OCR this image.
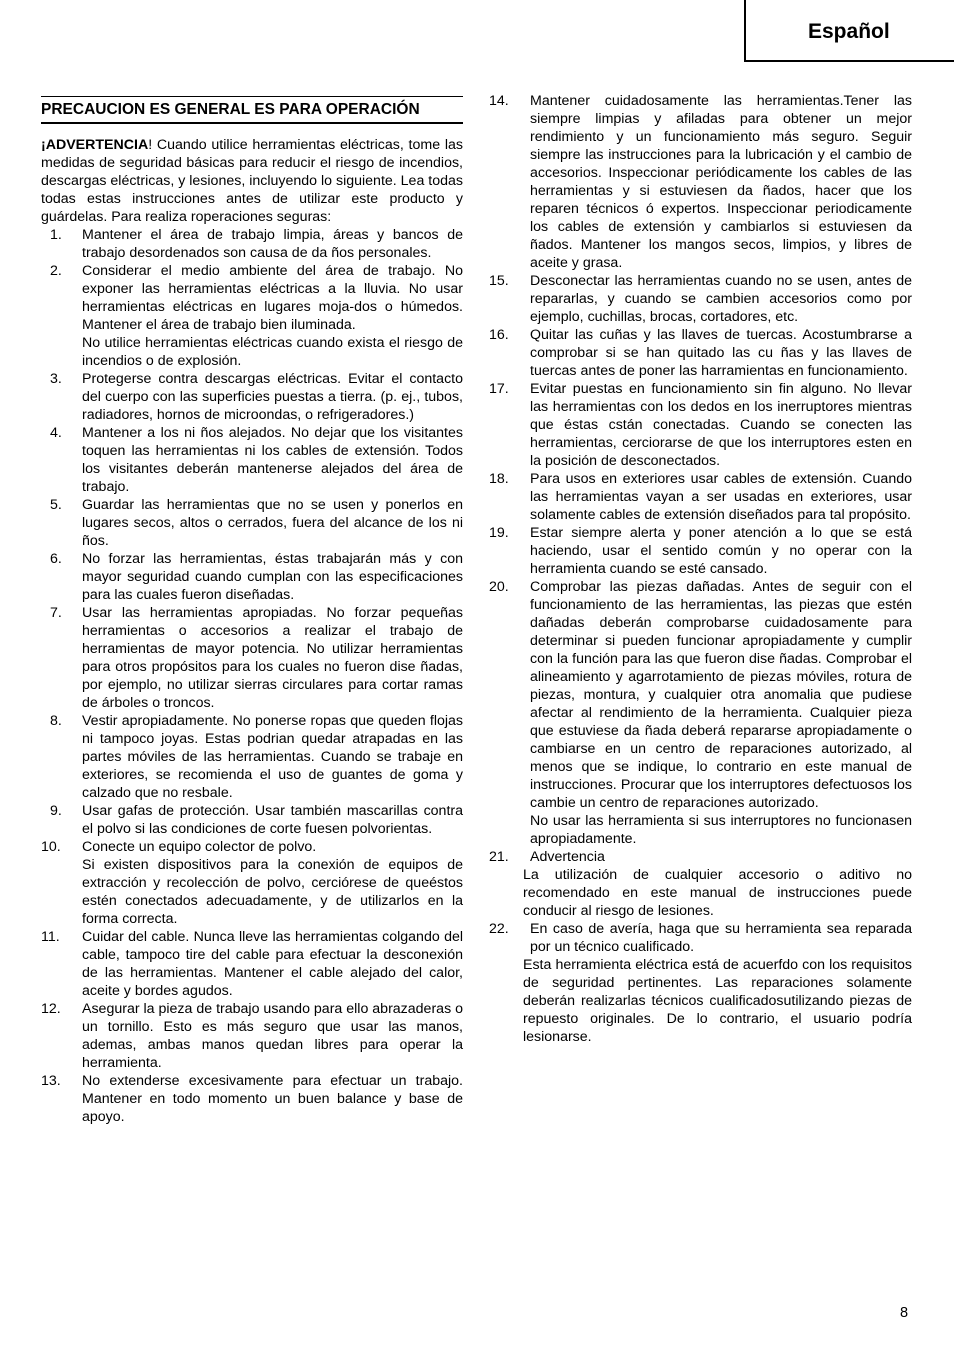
Español
PRECAUCION ES GENERAL ES PARA OPERACIÓN
¡ADVERTENCIA! Cuando utilice herramientas eléctricas, tome las medidas de seguridad básicas para reducir el riesgo de incendios, descargas eléctricas, y lesiones, incluyendo lo siguiente. Lea todas todas estas instrucciones antes de utilizar este producto y guárdelas. Para realiza roperaciones seguras:
1.	Mantener el área de trabajo limpia, áreas y bancos de trabajo desordenados son causa de da ños personales.
2.	Considerar el medio ambiente del área de trabajo. No exponer las herramientas eléctricas a la lluvia. No usar herramientas eléctricas en lugares moja-dos o húmedos. Mantener el área de trabajo bien iluminada.
No utilice herramientas eléctricas cuando exista el riesgo de incendios o de explosión.
3.	Protegerse contra descargas eléctricas. Evitar el contacto del cuerpo con las superficies puestas a tierra. (p. ej., tubos, radiadores, hornos de microondas, o refrigeradores.)
4.	Mantener a los ni ños alejados. No dejar que los visitantes toquen las herramientas ni los cables de extensión. Todos los visitantes deberán mantenerse alejados del área de trabajo.
5.	Guardar las herramientas que no se usen y ponerlos en lugares secos, altos o cerrados, fuera del alcance de los ni ños.
6.	No forzar las herramientas, éstas trabajarán más y con mayor seguridad cuando cumplan con las especificaciones para las cuales fueron diseñadas.
7.	Usar las herramientas apropiadas. No forzar pequeñas herramientas o accesorios a realizar el trabajo de herramientas de mayor potencia. No utilizar herramientas para otros propósitos para los cuales no fueron dise ñadas, por ejemplo, no utilizar sierras circulares para cortar ramas de árboles o troncos.
8.	Vestir apropiadamente. No ponerse ropas que queden flojas ni tampoco joyas. Estas podrian quedar atrapadas en las partes móviles de las herramientas. Cuando se trabaje en exteriores, se recomienda el uso de guantes de goma y calzado que no resbale.
9.	Usar gafas de protección. Usar también mascarillas contra el polvo si las condiciones de corte fuesen polvorientas.
10.	Conecte un equipo colector de polvo.
Si existen dispositivos para la conexión de equipos de extracción y recolección de polvo, cerciórese de queéstos estén conectados adecuadamente, y de utilizarlos en la forma correcta.
11.	Cuidar del cable. Nunca lleve las herramientas colgando del cable, tampoco tire del cable para efectuar la desconexión de las herramientas. Mantener el cable alejado del calor, aceite y bordes agudos.
12.	Asegurar la pieza de trabajo usando para ello abrazaderas o un tornillo. Esto es más seguro que usar las manos, ademas, ambas manos quedan libres para operar la herramienta.
13.	No extenderse excesivamente para efectuar un trabajo. Mantener en todo momento un buen balance y base de apoyo.
14.	Mantener cuidadosamente las herramientas.Tener las siempre limpias y afiladas para obtener un mejor rendimiento y un funcionamiento más seguro. Seguir siempre las instrucciones para la lubricación y el cambio de accesorios. Inspeccionar periódicamente los cables de las herramientas y si estuviesen da ñados, hacer que los reparen técnicos ó expertos. Inspeccionar periodicamente los cables de extensión y cambiarlos si estuviesen da ñados. Mantener los mangos secos, limpios, y libres de aceite y grasa.
15.	Desconectar las herramientas cuando no se usen, antes de repararlas, y cuando se cambien accesorios como por ejemplo, cuchillas, brocas, cortadores, etc.
16.	Quitar las cuñas y las llaves de tuercas. Acostumbrarse a comprobar si se han quitado las cu ñas y las llaves de tuercas antes de poner las harramientas en funcionamiento.
17.	Evitar puestas en funcionamiento sin fin alguno. No llevar las herramientas con los dedos en los inerruptores mientras que éstas cstán conectadas. Cuando se conecten las herramientas, cerciorarse de que los interruptores esten en la posición de desconectados.
18.	Para usos en exteriores usar cables de extensión. Cuando las herramientas vayan a ser usadas en exteriores, usar solamente cables de extensión diseñados para tal propósito.
19.	Estar siempre alerta y poner atención a lo que se está haciendo, usar el sentido común y no operar con la herramienta cuando se esté cansado.
20.	Comprobar las piezas dañadas. Antes de seguir con el funcionamiento de las herramientas, las piezas que estén dañadas deberán comprobarse cuidadosamente para determinar si pueden funcionar apropiadamente y cumplir con la función para las que fueron dise ñadas. Comprobar el alineamiento y agarrotamiento de piezas móviles, rotura de piezas, montura, y cualquier otra anomalia que pudiese afectar al rendimiento de la herramienta. Cualquier pieza que estuviese da ñada deberá repararse apropiadamente o cambiarse en un centro de reparaciones autorizado, al menos que se indique, lo contrario en este manual de instrucciones. Procurar que los interruptores defectuosos los cambie un centro de reparaciones autorizado.
No usar las herramienta si sus interruptores no funcionasen apropiadamente.
21.	Advertencia
La utilización de cualquier accesorio o aditivo no recomendado en este manual de instrucciones puede conducir al riesgo de lesiones.
22.	En caso de avería, haga que su herramienta sea reparada por un técnico cualificado.
Esta herramienta eléctrica está de acuerfdo con los requisitos de seguridad pertinentes. Las reparaciones solamente deberán realizarlas técnicos cualificadosutilizando piezas de repuesto originales. De lo contrario, el usuario podría lesionarse.
8
